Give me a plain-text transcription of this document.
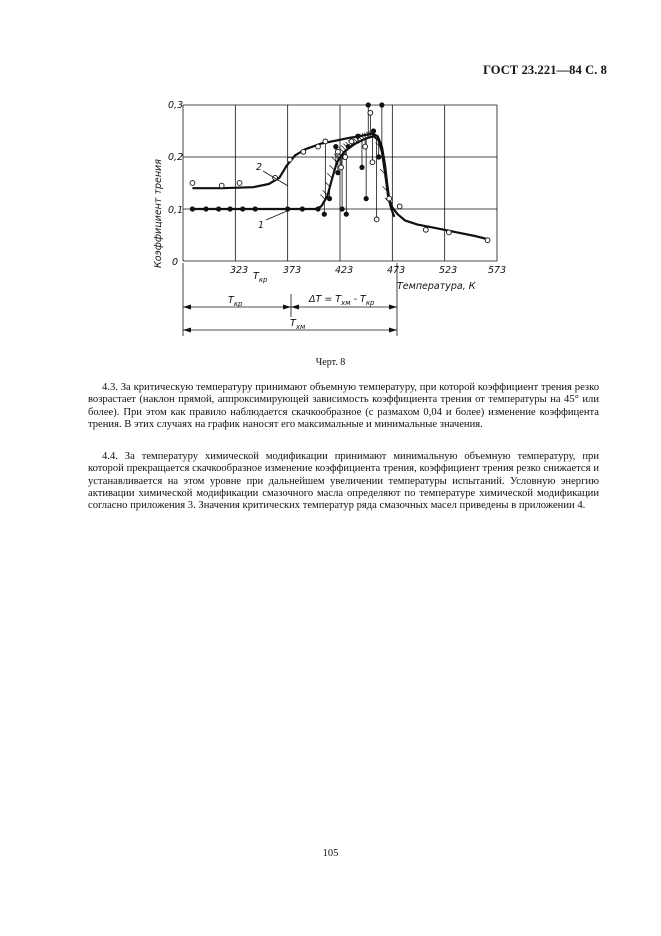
ГОСТ 23.221—84 С. 8
Коэффициент трения 0
0,1
0,2
0,3
323	373	423	473	523	573
$T_{кр}$
Температура, К
2
1
$T_{кр}$	$\Delta T = T_{хм} - T_{кр}$
$T_{хм}$
Черт. 8

4.3. За критическую температуру принимают объемную температуру, при которой коэффициент трения резко возрастает (наклон прямой, аппроксимирующей зависимость коэффициента трения от температуры на 45° или более). При этом как правило наблюдается скачкообразное (с размахом 0,04 и более) изменение коэффицента трения. В этих случаях на график наносят его максимальные и минимальные значения.

4.4. За температуру химической модификации принимают минимальную объемную температуру, при которой прекращается скачкообразное изменение коэффициента трения, коэффициент трения резко снижается и устанавливается на этом уровне при дальнейшем увеличении температуры испытаний. Условную энергию активации химической модификации смазочного масла определяют по температуре химической модификации согласно приложения 3. Значения критических температур ряда смазочных масел приведены в приложении 4.

105
